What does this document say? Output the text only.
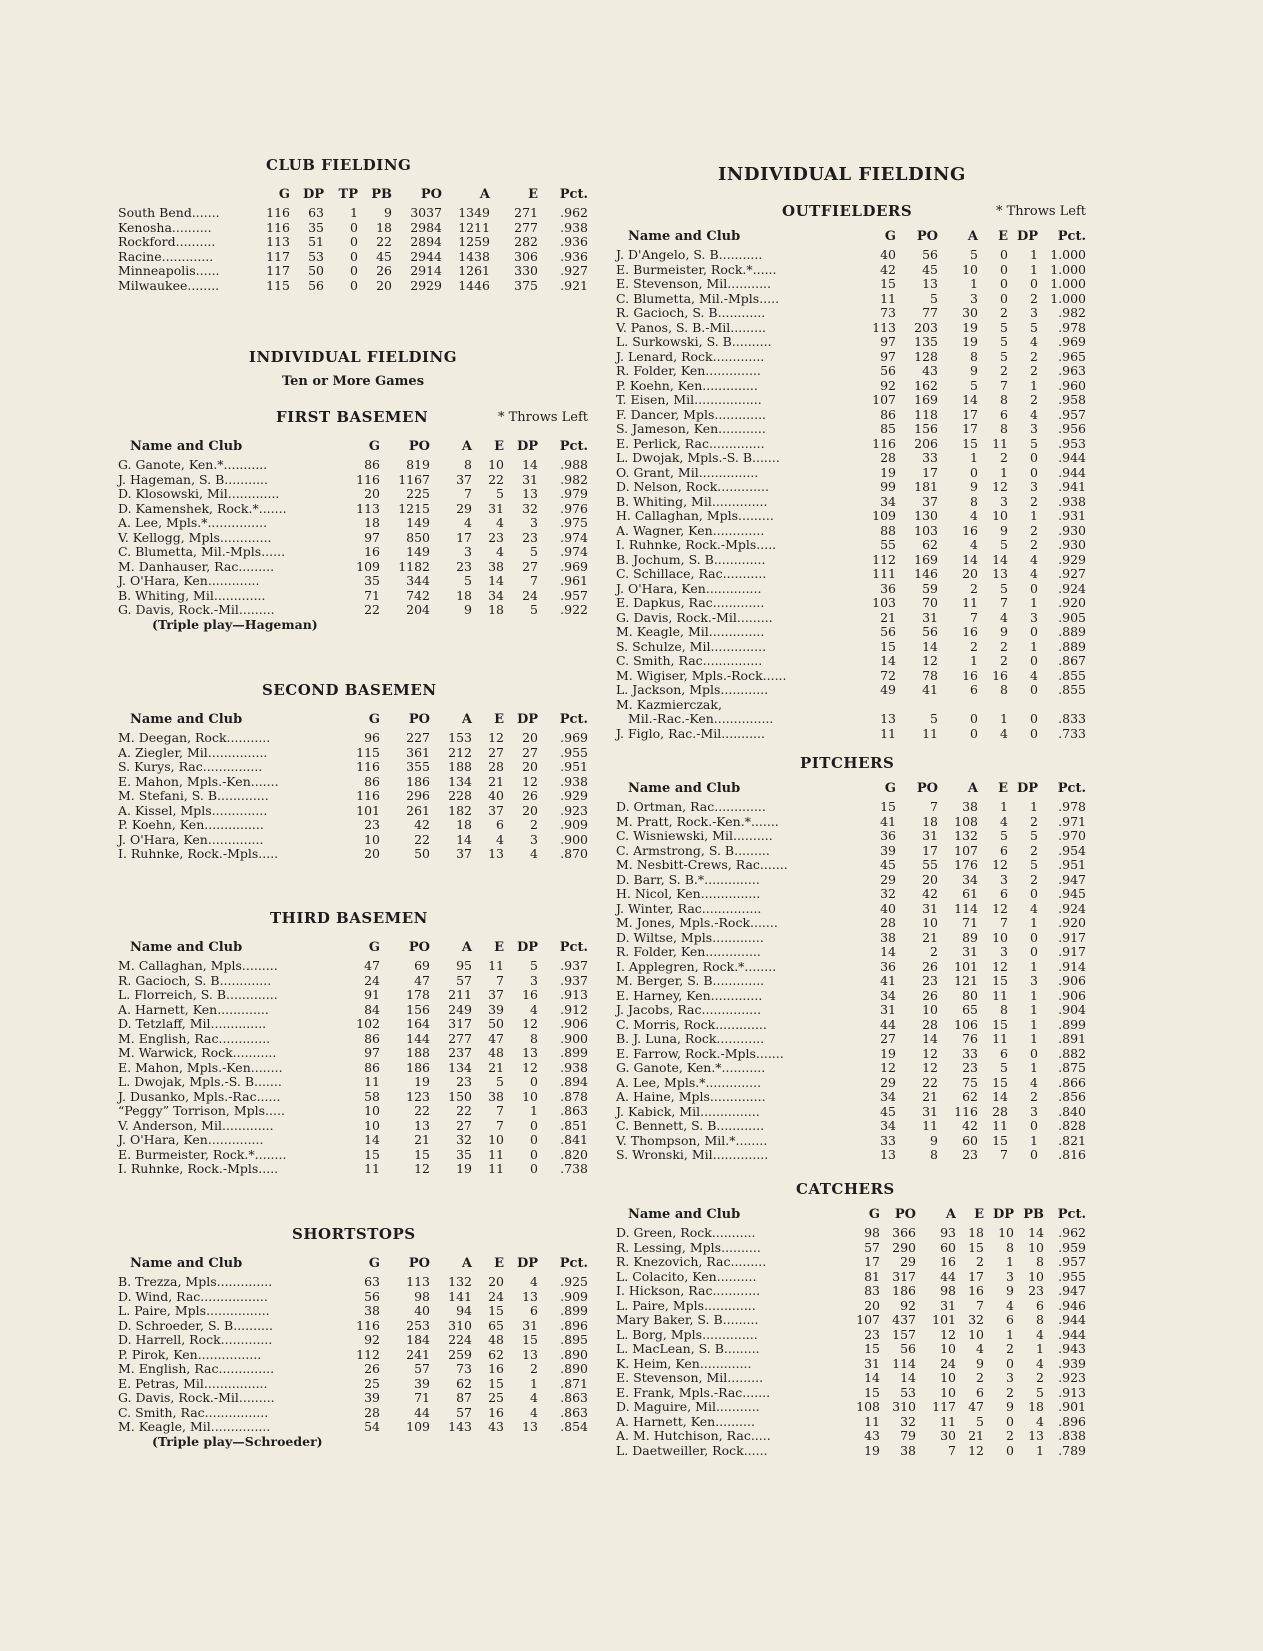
CLUB FIELDING
	G	DP	TP	PB	PO	A	E	Pct.
South Bend.......	116	63	1	9	3037	1349	271	.962
Kenosha..........	116	35	0	18	2984	1211	277	.938
Rockford..........	113	51	0	22	2894	1259	282	.936
Racine.............	117	53	0	45	2944	1438	306	.936
Minneapolis......	117	50	0	26	2914	1261	330	.927
Milwaukee........	115	56	0	20	2929	1446	375	.921
INDIVIDUAL FIELDING
Ten or More Games
FIRST BASEMEN	* Throws Left
Name and Club	G	PO	A	E	DP	Pct.
G. Ganote, Ken.*...........	86	819	8	10	14	.988
J. Hageman, S. B...........	116	1167	37	22	31	.982
D. Klosowski, Mil.............	20	225	7	5	13	.979
D. Kamenshek, Rock.*.......	113	1215	29	31	32	.976
A. Lee, Mpls.*...............	18	149	4	4	3	.975
V. Kellogg, Mpls.............	97	850	17	23	23	.974
C. Blumetta, Mil.-Mpls......	16	149	3	4	5	.974
M. Danhauser, Rac.........	109	1182	23	38	27	.969
J. O'Hara, Ken.............	35	344	5	14	7	.961
B. Whiting, Mil.............	71	742	18	34	24	.957
G. Davis, Rock.-Mil.........	22	204	9	18	5	.922
(Triple play—Hageman)
SECOND BASEMEN
Name and Club	G	PO	A	E	DP	Pct.
M. Deegan, Rock...........	96	227	153	12	20	.969
A. Ziegler, Mil...............	115	361	212	27	27	.955
S. Kurys, Rac...............	116	355	188	28	20	.951
E. Mahon, Mpls.-Ken.......	86	186	134	21	12	.938
M. Stefani, S. B.............	116	296	228	40	26	.929
A. Kissel, Mpls..............	101	261	182	37	20	.923
P. Koehn, Ken...............	23	42	18	6	2	.909
J. O'Hara, Ken..............	10	22	14	4	3	.900
I. Ruhnke, Rock.-Mpls.....	20	50	37	13	4	.870
THIRD BASEMEN
Name and Club	G	PO	A	E	DP	Pct.
M. Callaghan, Mpls.........	47	69	95	11	5	.937
R. Gacioch, S. B.............	24	47	57	7	3	.937
L. Florreich, S. B.............	91	178	211	37	16	.913
A. Harnett, Ken.............	84	156	249	39	4	.912
D. Tetzlaff, Mil..............	102	164	317	50	12	.906
M. English, Rac.............	86	144	277	47	8	.900
M. Warwick, Rock...........	97	188	237	48	13	.899
E. Mahon, Mpls.-Ken........	86	186	134	21	12	.938
L. Dwojak, Mpls.-S. B.......	11	19	23	5	0	.894
J. Dusanko, Mpls.-Rac......	58	123	150	38	10	.878
“Peggy” Torrison, Mpls.....	10	22	22	7	1	.863
V. Anderson, Mil.............	10	13	27	7	0	.851
J. O'Hara, Ken..............	14	21	32	10	0	.841
E. Burmeister, Rock.*........	15	15	35	11	0	.820
I. Ruhnke, Rock.-Mpls.....	11	12	19	11	0	.738
SHORTSTOPS
Name and Club	G	PO	A	E	DP	Pct.
B. Trezza, Mpls..............	63	113	132	20	4	.925
D. Wind, Rac.................	56	98	141	24	13	.909
L. Paire, Mpls................	38	40	94	15	6	.899
D. Schroeder, S. B..........	116	253	310	65	31	.896
D. Harrell, Rock.............	92	184	224	48	15	.895
P. Pirok, Ken................	112	241	259	62	13	.890
M. English, Rac..............	26	57	73	16	2	.890
E. Petras, Mil................	25	39	62	15	1	.871
G. Davis, Rock.-Mil.........	39	71	87	25	4	.863
C. Smith, Rac................	28	44	57	16	4	.863
M. Keagle, Mil...............	54	109	143	43	13	.854
(Triple play—Schroeder)
INDIVIDUAL FIELDING
OUTFIELDERS	* Throws Left
Name and Club	G	PO	A	E	DP	Pct.
J. D'Angelo, S. B...........	40	56	5	0	1	1.000
E. Burmeister, Rock.*......	42	45	10	0	1	1.000
E. Stevenson, Mil...........	15	13	1	0	0	1.000
C. Blumetta, Mil.-Mpls.....	11	5	3	0	2	1.000
R. Gacioch, S. B............	73	77	30	2	3	.982
V. Panos, S. B.-Mil.........	113	203	19	5	5	.978
L. Surkowski, S. B..........	97	135	19	5	4	.969
J. Lenard, Rock.............	97	128	8	5	2	.965
R. Folder, Ken..............	56	43	9	2	2	.963
P. Koehn, Ken..............	92	162	5	7	1	.960
T. Eisen, Mil.................	107	169	14	8	2	.958
F. Dancer, Mpls.............	86	118	17	6	4	.957
S. Jameson, Ken............	85	156	17	8	3	.956
E. Perlick, Rac..............	116	206	15	11	5	.953
L. Dwojak, Mpls.-S. B.......	28	33	1	2	0	.944
O. Grant, Mil...............	19	17	0	1	0	.944
D. Nelson, Rock.............	99	181	9	12	3	.941
B. Whiting, Mil..............	34	37	8	3	2	.938
H. Callaghan, Mpls.........	109	130	4	10	1	.931
A. Wagner, Ken.............	88	103	16	9	2	.930
I. Ruhnke, Rock.-Mpls.....	55	62	4	5	2	.930
B. Jochum, S. B.............	112	169	14	14	4	.929
C. Schillace, Rac...........	111	146	20	13	4	.927
J. O'Hara, Ken..............	36	59	2	5	0	.924
E. Dapkus, Rac.............	103	70	11	7	1	.920
G. Davis, Rock.-Mil.........	21	31	7	4	3	.905
M. Keagle, Mil..............	56	56	16	9	0	.889
S. Schulze, Mil..............	15	14	2	2	1	.889
C. Smith, Rac...............	14	12	1	2	0	.867
M. Wigiser, Mpls.-Rock......	72	78	16	16	4	.855
L. Jackson, Mpls............	49	41	6	8	0	.855
M. Kazmierczak,						
Mil.-Rac.-Ken...............	13	5	0	1	0	.833
J. Figlo, Rac.-Mil...........	11	11	0	4	0	.733
PITCHERS
Name and Club	G	PO	A	E	DP	Pct.
D. Ortman, Rac.............	15	7	38	1	1	.978
M. Pratt, Rock.-Ken.*.......	41	18	108	4	2	.971
C. Wisniewski, Mil..........	36	31	132	5	5	.970
C. Armstrong, S. B.........	39	17	107	6	2	.954
M. Nesbitt-Crews, Rac.......	45	55	176	12	5	.951
D. Barr, S. B.*..............	29	20	34	3	2	.947
H. Nicol, Ken...............	32	42	61	6	0	.945
J. Winter, Rac...............	40	31	114	12	4	.924
M. Jones, Mpls.-Rock.......	28	10	71	7	1	.920
D. Wiltse, Mpls.............	38	21	89	10	0	.917
R. Folder, Ken..............	14	2	31	3	0	.917
I. Applegren, Rock.*........	36	26	101	12	1	.914
M. Berger, S. B.............	41	23	121	15	3	.906
E. Harney, Ken.............	34	26	80	11	1	.906
J. Jacobs, Rac...............	31	10	65	8	1	.904
C. Morris, Rock.............	44	28	106	15	1	.899
B. J. Luna, Rock............	27	14	76	11	1	.891
E. Farrow, Rock.-Mpls.......	19	12	33	6	0	.882
G. Ganote, Ken.*...........	12	12	23	5	1	.875
A. Lee, Mpls.*..............	29	22	75	15	4	.866
A. Haine, Mpls..............	34	21	62	14	2	.856
J. Kabick, Mil...............	45	31	116	28	3	.840
C. Bennett, S. B............	34	11	42	11	0	.828
V. Thompson, Mil.*........	33	9	60	15	1	.821
S. Wronski, Mil..............	13	8	23	7	0	.816
CATCHERS
Name and Club	G	PO	A	E	DP	PB	Pct.
D. Green, Rock...........	98	366	93	18	10	14	.962
R. Lessing, Mpls..........	57	290	60	15	8	10	.959
R. Knezovich, Rac.........	17	29	16	2	1	8	.957
L. Colacito, Ken..........	81	317	44	17	3	10	.955
I. Hickson, Rac............	83	186	98	16	9	23	.947
L. Paire, Mpls.............	20	92	31	7	4	6	.946
Mary Baker, S. B.........	107	437	101	32	6	8	.944
L. Borg, Mpls..............	23	157	12	10	1	4	.944
L. MacLean, S. B.........	15	56	10	4	2	1	.943
K. Heim, Ken.............	31	114	24	9	0	4	.939
E. Stevenson, Mil.........	14	14	10	2	3	2	.923
E. Frank, Mpls.-Rac.......	15	53	10	6	2	5	.913
D. Maguire, Mil...........	108	310	117	47	9	18	.901
A. Harnett, Ken..........	11	32	11	5	0	4	.896
A. M. Hutchison, Rac.....	43	79	30	21	2	13	.838
L. Daetweiller, Rock......	19	38	7	12	0	1	.789
